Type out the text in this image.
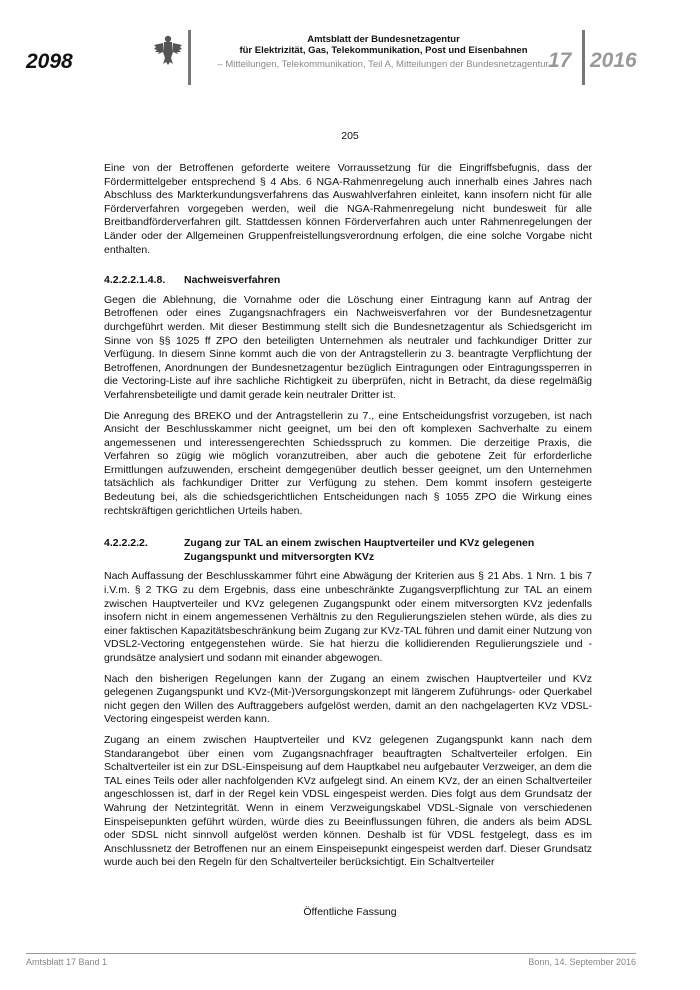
2098
Amtsblatt der Bundesnetzagentur
für Elektrizität, Gas, Telekommunikation, Post und Eisenbahnen
– Mitteilungen, Telekommunikation, Teil A, Mitteilungen der Bundesnetzagentur –
17 2016
205

Eine von der Betroffenen geforderte weitere Vorraussetzung für die Eingriffsbefugnis, dass der Fördermittelgeber entsprechend § 4 Abs. 6 NGA-Rahmenregelung auch innerhalb eines Jahres nach Abschluss des Markterkundungsverfahrens das Auswahlverfahren einleitet, kann insofern nicht für alle Förderverfahren vorgegeben werden, weil die NGA-Rahmenregelung nicht bundesweit für alle Breitbandförderverfahren gilt. Stattdessen können Förderverfahren auch unter Rahmenregelungen der Länder oder der Allgemeinen Gruppenfreistellungsverordnung erfolgen, die eine solche Vorgabe nicht enthalten.

4.2.2.2.1.4.8.	Nachweisverfahren

Gegen die Ablehnung, die Vornahme oder die Löschung einer Eintragung kann auf Antrag der Betroffenen oder eines Zugangsnachfragers ein Nachweisverfahren vor der Bundesnetzagentur durchgeführt werden. Mit dieser Bestimmung stellt sich die Bundesnetzagentur als Schiedsgericht im Sinne von §§ 1025 ff ZPO den beteiligten Unternehmen als neutraler und fachkundiger Dritter zur Verfügung. In diesem Sinne kommt auch die von der Antragstellerin zu 3. beantragte Verpflichtung der Betroffenen, Anordnungen der Bundesnetzagentur bezüglich Eintragungen oder Eintragungssperren in die Vectoring-Liste auf ihre sachliche Richtigkeit zu überprüfen, nicht in Betracht, da diese regelmäßig Verfahrensbeteiligte und damit gerade kein neutraler Dritter ist.

Die Anregung des BREKO und der Antragstellerin zu 7., eine Entscheidungsfrist vorzugeben, ist nach Ansicht der Beschlusskammer nicht geeignet, um bei den oft komplexen Sachverhalte zu einem angemessenen und interessengerechten Schiedsspruch zu kommen. Die derzeitige Praxis, die Verfahren so zügig wie möglich voranzutreiben, aber auch die gebotene Zeit für erforderliche Ermittlungen aufzuwenden, erscheint demgegenüber deutlich besser geeignet, um den Unternehmen tatsächlich als fachkundiger Dritter zur Verfügung zu stehen. Dem kommt insofern gesteigerte Bedeutung bei, als die schiedsgerichtlichen Entscheidungen nach § 1055 ZPO die Wirkung eines rechtskräftigen gerichtlichen Urteils haben.

4.2.2.2.2.	Zugang zur TAL an einem zwischen Hauptverteiler und KVz gelegenen Zugangspunkt und mitversorgten KVz

Nach Auffassung der Beschlusskammer führt eine Abwägung der Kriterien aus § 21 Abs. 1 Nrn. 1 bis 7 i.V.m. § 2 TKG zu dem Ergebnis, dass eine unbeschränkte Zugangsverpflichtung zur TAL an einem zwischen Hauptverteiler und KVz gelegenen Zugangspunkt oder einem mitversorgten KVz jedenfalls insofern nicht in einem angemessenen Verhältnis zu den Regulierungszielen stehen würde, als dies zu einer faktischen Kapazitätsbeschränkung beim Zugang zur KVz-TAL führen und damit einer Nutzung von VDSL2-Vectoring entgegenstehen würde. Sie hat hierzu die kollidierenden Regulierungsziele und -grundsätze analysiert und sodann mit einander abgewogen.

Nach den bisherigen Regelungen kann der Zugang an einem zwischen Hauptverteiler und KVz gelegenen Zugangspunkt und KVz-(Mit-)Versorgungskonzept mit längerem Zuführungs- oder Querkabel nicht gegen den Willen des Auftraggebers aufgelöst werden, damit an den nachgelagerten KVz VDSL-Vectoring eingespeist werden kann.

Zugang an einem zwischen Hauptverteiler und KVz gelegenen Zugangspunkt kann nach dem Standarangebot über einen vom Zugangsnachfrager beauftragten Schaltverteiler erfolgen. Ein Schaltverteiler ist ein zur DSL-Einspeisung auf dem Hauptkabel neu aufgebauter Verzweiger, an dem die TAL eines Teils oder aller nachfolgenden KVz aufgelegt sind. An einem KVz, der an einen Schaltverteiler angeschlossen ist, darf in der Regel kein VDSL eingespeist werden. Dies folgt aus dem Grundsatz der Wahrung der Netzintegrität. Wenn in einem Verzweigungskabel VDSL-Signale von verschiedenen Einspeisepunkten geführt würden, würde dies zu Beeinflussungen führen, die anders als beim ADSL oder SDSL nicht sinnvoll aufgelöst werden können. Deshalb ist für VDSL festgelegt, dass es im Anschlussnetz der Betroffenen nur an einem Einspeisepunkt eingespeist werden darf. Dieser Grundsatz wurde auch bei den Regeln für den Schaltverteiler berücksichtigt. Ein Schaltverteiler

Öffentliche Fassung
Amtsblatt 17 Band 1	Bonn, 14. September 2016
